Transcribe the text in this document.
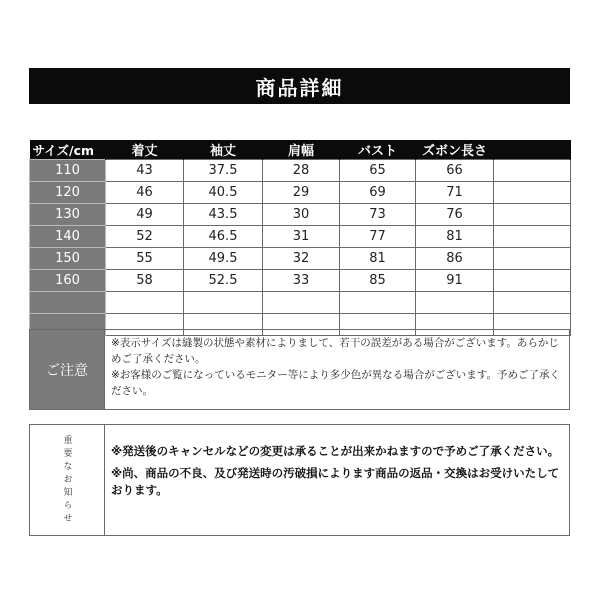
商品詳細
サイズ/cm	着丈	袖丈	肩幅	バスト	ズボン長さ	
110	43	37.5	28	65	66	
120	46	40.5	29	69	71	
130	49	43.5	30	73	76	
140	52	46.5	31	77	81	
150	55	49.5	32	81	86	
160	58	52.5	33	85	91	

ご注意

※表示サイズは縫製の状態や素材によりまして、若干の誤差がある場合がございます。あらかじめご了承ください。

※お客様のご覧になっているモニター等により多少色が異なる場合がございます。予めご了承ください。

重要なお知らせ	※発送後のキャンセルなどの変更は承ることが出来かねますので予めご了承ください。

※尚、商品の不良、及び発送時の汚破損によります商品の返品・交換はお受けいたしております。
